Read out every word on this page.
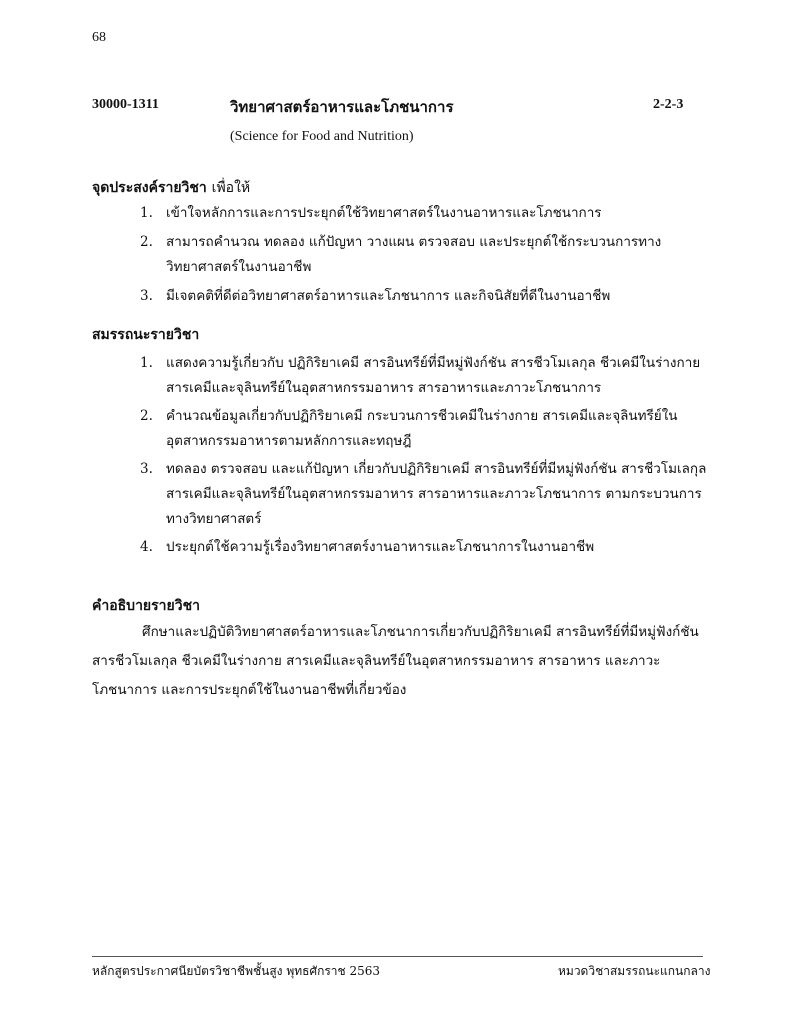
68
30000-1311	วิทยาศาสตร์อาหารและโภชนาการ	2-2-3
(Science for Food and Nutrition)
จุดประสงค์รายวิชา เพื่อให้
1. เข้าใจหลักการและการประยุกต์ใช้วิทยาศาสตร์ในงานอาหารและโภชนาการ
2. สามารถคำนวณ ทดลอง แก้ปัญหา วางแผน ตรวจสอบ และประยุกต์ใช้กระบวนการทางวิทยาศาสตร์ในงานอาชีพ
3. มีเจตคติที่ดีต่อวิทยาศาสตร์อาหารและโภชนาการ และกิจนิสัยที่ดีในงานอาชีพ
สมรรถนะรายวิชา
1. แสดงความรู้เกี่ยวกับ ปฏิกิริยาเคมี สารอินทรีย์ที่มีหมู่ฟังก์ชัน สารชีวโมเลกุล ชีวเคมีในร่างกาย สารเคมีและจุลินทรีย์ในอุตสาหกรรมอาหาร สารอาหารและภาวะโภชนาการ
2. คำนวณข้อมูลเกี่ยวกับปฏิกิริยาเคมี กระบวนการชีวเคมีในร่างกาย สารเคมีและจุลินทรีย์ในอุตสาหกรรมอาหารตามหลักการและทฤษฎี
3. ทดลอง ตรวจสอบ และแก้ปัญหา เกี่ยวกับปฏิกิริยาเคมี สารอินทรีย์ที่มีหมู่ฟังก์ชัน สารชีวโมเลกุล สารเคมีและจุลินทรีย์ในอุตสาหกรรมอาหาร สารอาหารและภาวะโภชนาการ ตามกระบวนการทางวิทยาศาสตร์
4. ประยุกต์ใช้ความรู้เรื่องวิทยาศาสตร์งานอาหารและโภชนาการในงานอาชีพ
คำอธิบายรายวิชา

ศึกษาและปฏิบัติวิทยาศาสตร์อาหารและโภชนาการเกี่ยวกับปฏิกิริยาเคมี สารอินทรีย์ที่มีหมู่ฟังก์ชัน สารชีวโมเลกุล ชีวเคมีในร่างกาย สารเคมีและจุลินทรีย์ในอุตสาหกรรมอาหาร สารอาหาร และภาวะโภชนาการ และการประยุกต์ใช้ในงานอาชีพที่เกี่ยวข้อง

หลักสูตรประกาศนียบัตรวิชาชีพชั้นสูง พุทธศักราช 2563	หมวดวิชาสมรรถนะแกนกลาง
